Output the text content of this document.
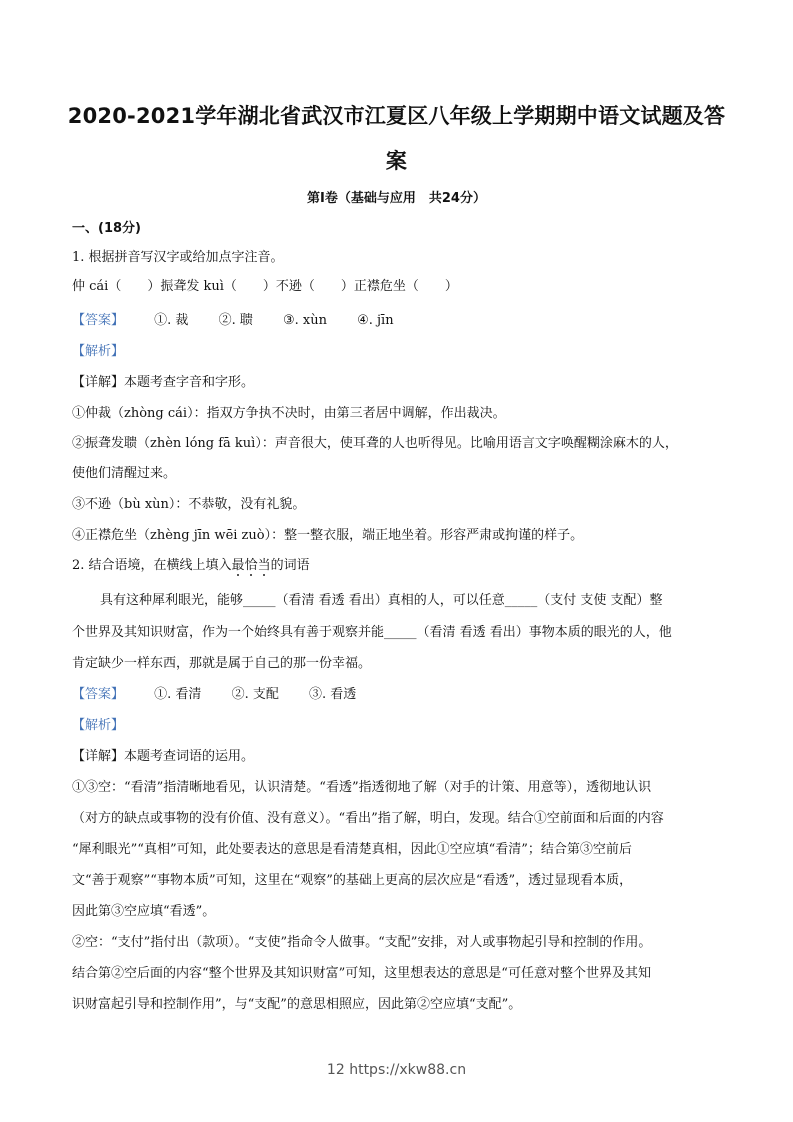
2020-2021学年湖北省武汉市江夏区八年级上学期期中语文试题及答
案
第Ⅰ卷（基础与应用　共24分）
一、(18分)
1. 根据拼音写汉字或给加点字注音。
仲 cái（　　）振聋发 kuì（　　）不逊（　　）正襟危坐（　　）
【答案】 ①. 裁 ②. 聩 ③. xùn ④. jīn
【解析】
【详解】本题考查字音和字形。
①仲裁（zhòng cái）：指双方争执不决时，由第三者居中调解，作出裁决。
②振聋发聩（zhèn lóng fā kuì）：声音很大，使耳聋的人也听得见。比喻用语言文字唤醒糊涂麻木的人，
使他们清醒过来。
③不逊（bù xùn）：不恭敬，没有礼貌。
④正襟危坐（zhèng jīn wēi zuò）：整一整衣服，端正地坐着。形容严肃或拘谨的样子。
2. 结合语境，在横线上填入最恰当的词语
具有这种犀利眼光，能够_____（看清 看透 看出）真相的人，可以任意_____（支付 支使 支配）整
个世界及其知识财富，作为一个始终具有善于观察并能_____（看清 看透 看出）事物本质的眼光的人，他
肯定缺少一样东西，那就是属于自己的那一份幸福。
【答案】 ①. 看清 ②. 支配 ③. 看透
【解析】
【详解】本题考查词语的运用。
①③空：“看清”指清晰地看见，认识清楚。“看透”指透彻地了解（对手的计策、用意等），透彻地认识
（对方的缺点或事物的没有价值、没有意义）。“看出”指了解，明白，发现。结合①空前面和后面的内容
“犀利眼光”“真相”可知，此处要表达的意思是看清楚真相，因此①空应填“看清”；结合第③空前后
文“善于观察”“事物本质”可知，这里在“观察”的基础上更高的层次应是“看透”，透过显现看本质，
因此第③空应填“看透”。
②空：“支付”指付出（款项）。“支使”指命令人做事。“支配”安排，对人或事物起引导和控制的作用。
结合第②空后面的内容“整个世界及其知识财富”可知，这里想表达的意思是“可任意对整个世界及其知
识财富起引导和控制作用”，与“支配”的意思相照应，因此第②空应填“支配”。
12 https://xkw88.cn
